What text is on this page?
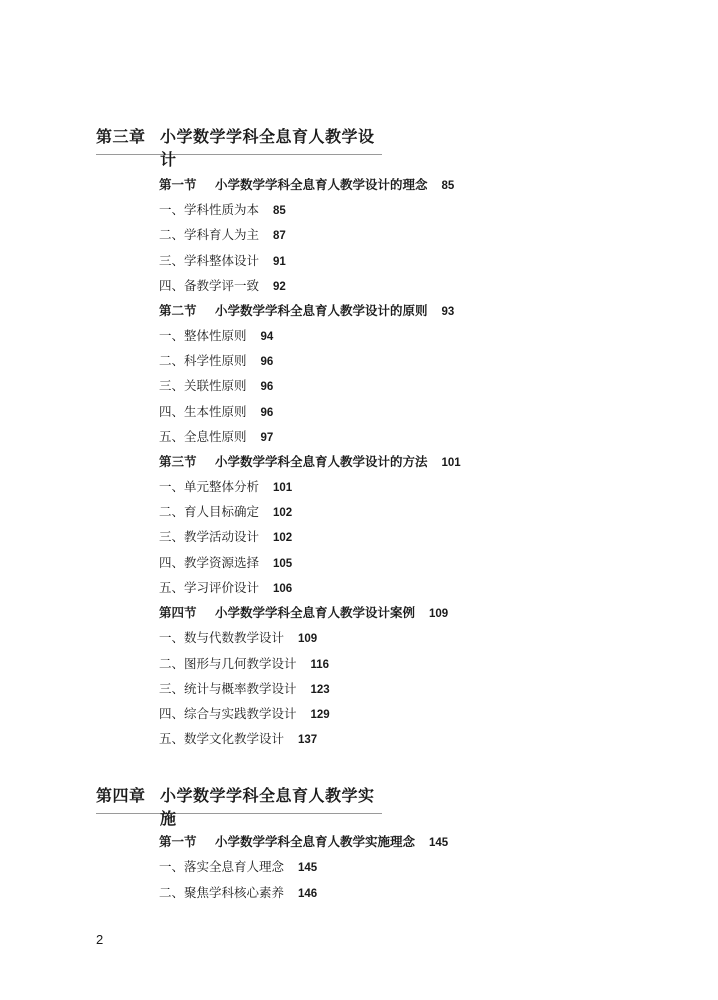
第三章 小学数学学科全息育人教学设计
第一节 小学数学学科全息育人教学设计的理念 85
一、学科性质为本 85
二、学科育人为主 87
三、学科整体设计 91
四、备教学评一致 92
第二节 小学数学学科全息育人教学设计的原则 93
一、整体性原则 94
二、科学性原则 96
三、关联性原则 96
四、生本性原则 96
五、全息性原则 97
第三节 小学数学学科全息育人教学设计的方法 101
一、单元整体分析 101
二、育人目标确定 102
三、教学活动设计 102
四、教学资源选择 105
五、学习评价设计 106
第四节 小学数学学科全息育人教学设计案例 109
一、数与代数教学设计 109
二、图形与几何教学设计 116
三、统计与概率教学设计 123
四、综合与实践教学设计 129
五、数学文化教学设计 137
第四章 小学数学学科全息育人教学实施
第一节 小学数学学科全息育人教学实施理念 145
一、落实全息育人理念 145
二、聚焦学科核心素养 146
2
